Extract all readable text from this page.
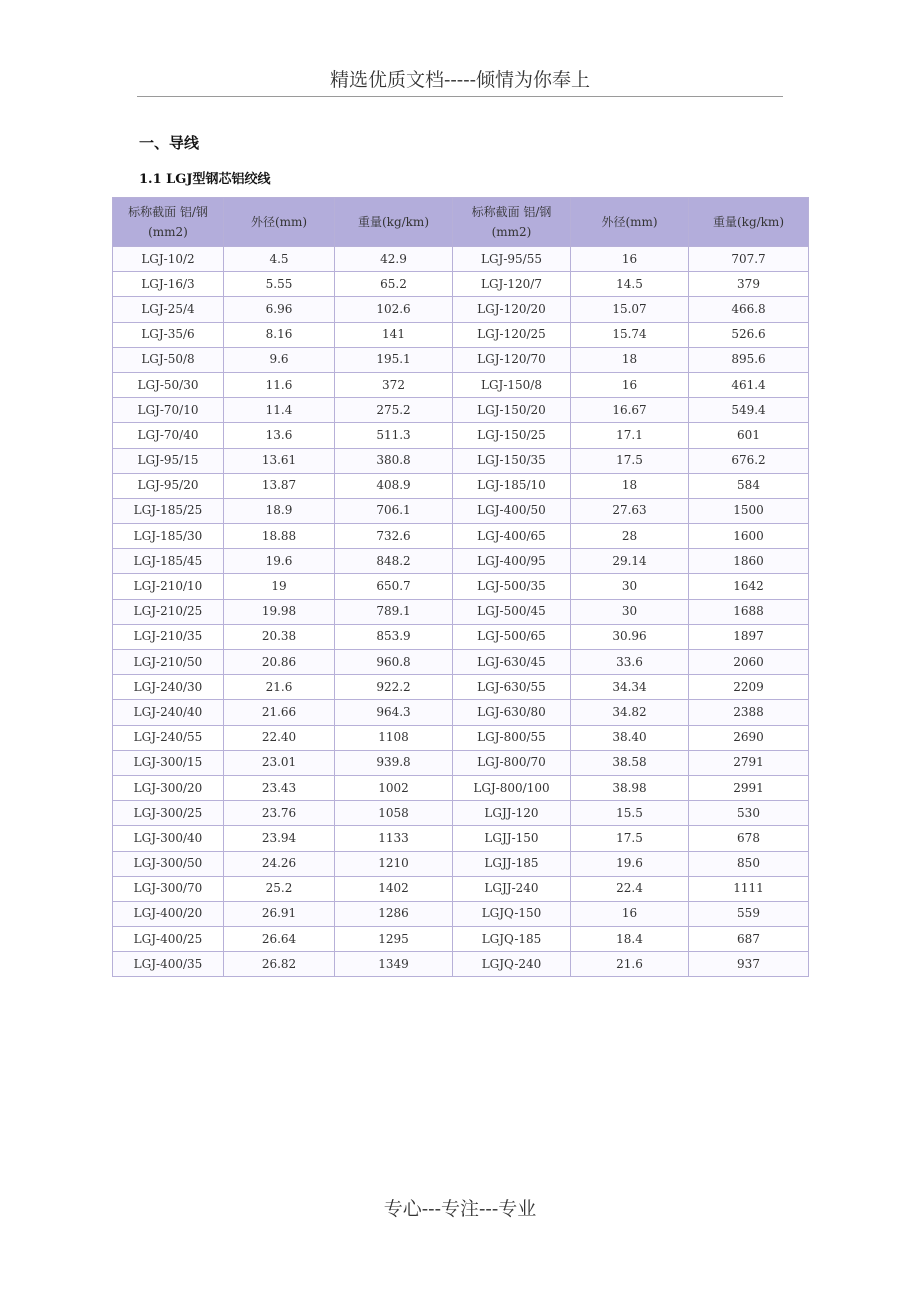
精选优质文档-----倾情为你奉上
一、导线
1.1 LGJ型钢芯铝绞线
标称截面 铝/钢(mm2)	外径(mm)	重量(kg/km)	标称截面 铝/钢(mm2)	外径(mm)	重量(kg/km)
LGJ-10/2	4.5	42.9	LGJ-95/55	16	707.7
LGJ-16/3	5.55	65.2	LGJ-120/7	14.5	379
LGJ-25/4	6.96	102.6	LGJ-120/20	15.07	466.8
LGJ-35/6	8.16	141	LGJ-120/25	15.74	526.6
LGJ-50/8	9.6	195.1	LGJ-120/70	18	895.6
LGJ-50/30	11.6	372	LGJ-150/8	16	461.4
LGJ-70/10	11.4	275.2	LGJ-150/20	16.67	549.4
LGJ-70/40	13.6	511.3	LGJ-150/25	17.1	601
LGJ-95/15	13.61	380.8	LGJ-150/35	17.5	676.2
LGJ-95/20	13.87	408.9	LGJ-185/10	18	584
LGJ-185/25	18.9	706.1	LGJ-400/50	27.63	1500
LGJ-185/30	18.88	732.6	LGJ-400/65	28	1600
LGJ-185/45	19.6	848.2	LGJ-400/95	29.14	1860
LGJ-210/10	19	650.7	LGJ-500/35	30	1642
LGJ-210/25	19.98	789.1	LGJ-500/45	30	1688
LGJ-210/35	20.38	853.9	LGJ-500/65	30.96	1897
LGJ-210/50	20.86	960.8	LGJ-630/45	33.6	2060
LGJ-240/30	21.6	922.2	LGJ-630/55	34.34	2209
LGJ-240/40	21.66	964.3	LGJ-630/80	34.82	2388
LGJ-240/55	22.40	1108	LGJ-800/55	38.40	2690
LGJ-300/15	23.01	939.8	LGJ-800/70	38.58	2791
LGJ-300/20	23.43	1002	LGJ-800/100	38.98	2991
LGJ-300/25	23.76	1058	LGJJ-120	15.5	530
LGJ-300/40	23.94	1133	LGJJ-150	17.5	678
LGJ-300/50	24.26	1210	LGJJ-185	19.6	850
LGJ-300/70	25.2	1402	LGJJ-240	22.4	1111
LGJ-400/20	26.91	1286	LGJQ-150	16	559
LGJ-400/25	26.64	1295	LGJQ-185	18.4	687
LGJ-400/35	26.82	1349	LGJQ-240	21.6	937
专心---专注---专业
